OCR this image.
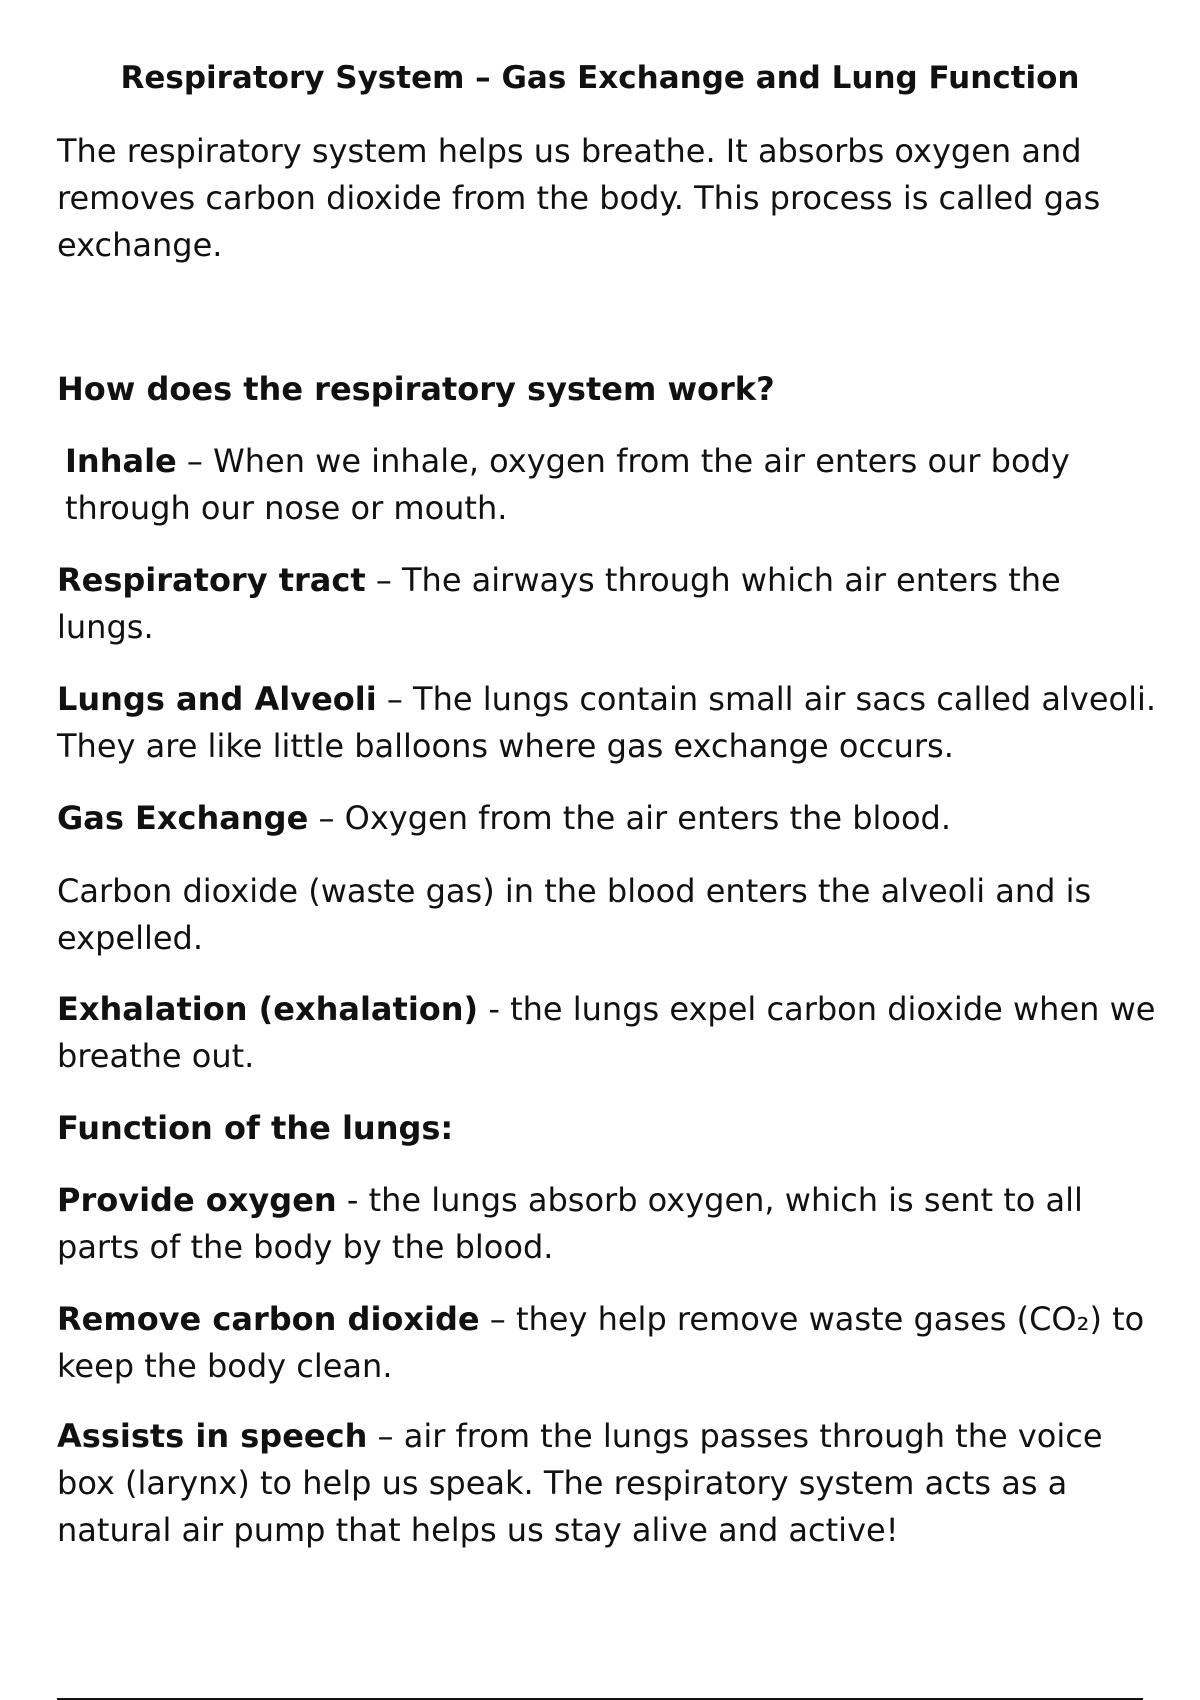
Respiratory System – Gas Exchange and Lung Function

The respiratory system helps us breathe. It absorbs oxygen and removes carbon dioxide from the body. This process is called gas exchange.

How does the respiratory system work?

Inhale – When we inhale, oxygen from the air enters our body through our nose or mouth.

Respiratory tract – The airways through which air enters the lungs.

Lungs and Alveoli – The lungs contain small air sacs called alveoli. They are like little balloons where gas exchange occurs.

Gas Exchange – Oxygen from the air enters the blood.

Carbon dioxide (waste gas) in the blood enters the alveoli and is expelled.

Exhalation (exhalation) - the lungs expel carbon dioxide when we breathe out.

Function of the lungs:

Provide oxygen - the lungs absorb oxygen, which is sent to all parts of the body by the blood.

Remove carbon dioxide – they help remove waste gases (CO₂) to keep the body clean.

Assists in speech – air from the lungs passes through the voice box (larynx) to help us speak. The respiratory system acts as a natural air pump that helps us stay alive and active!
